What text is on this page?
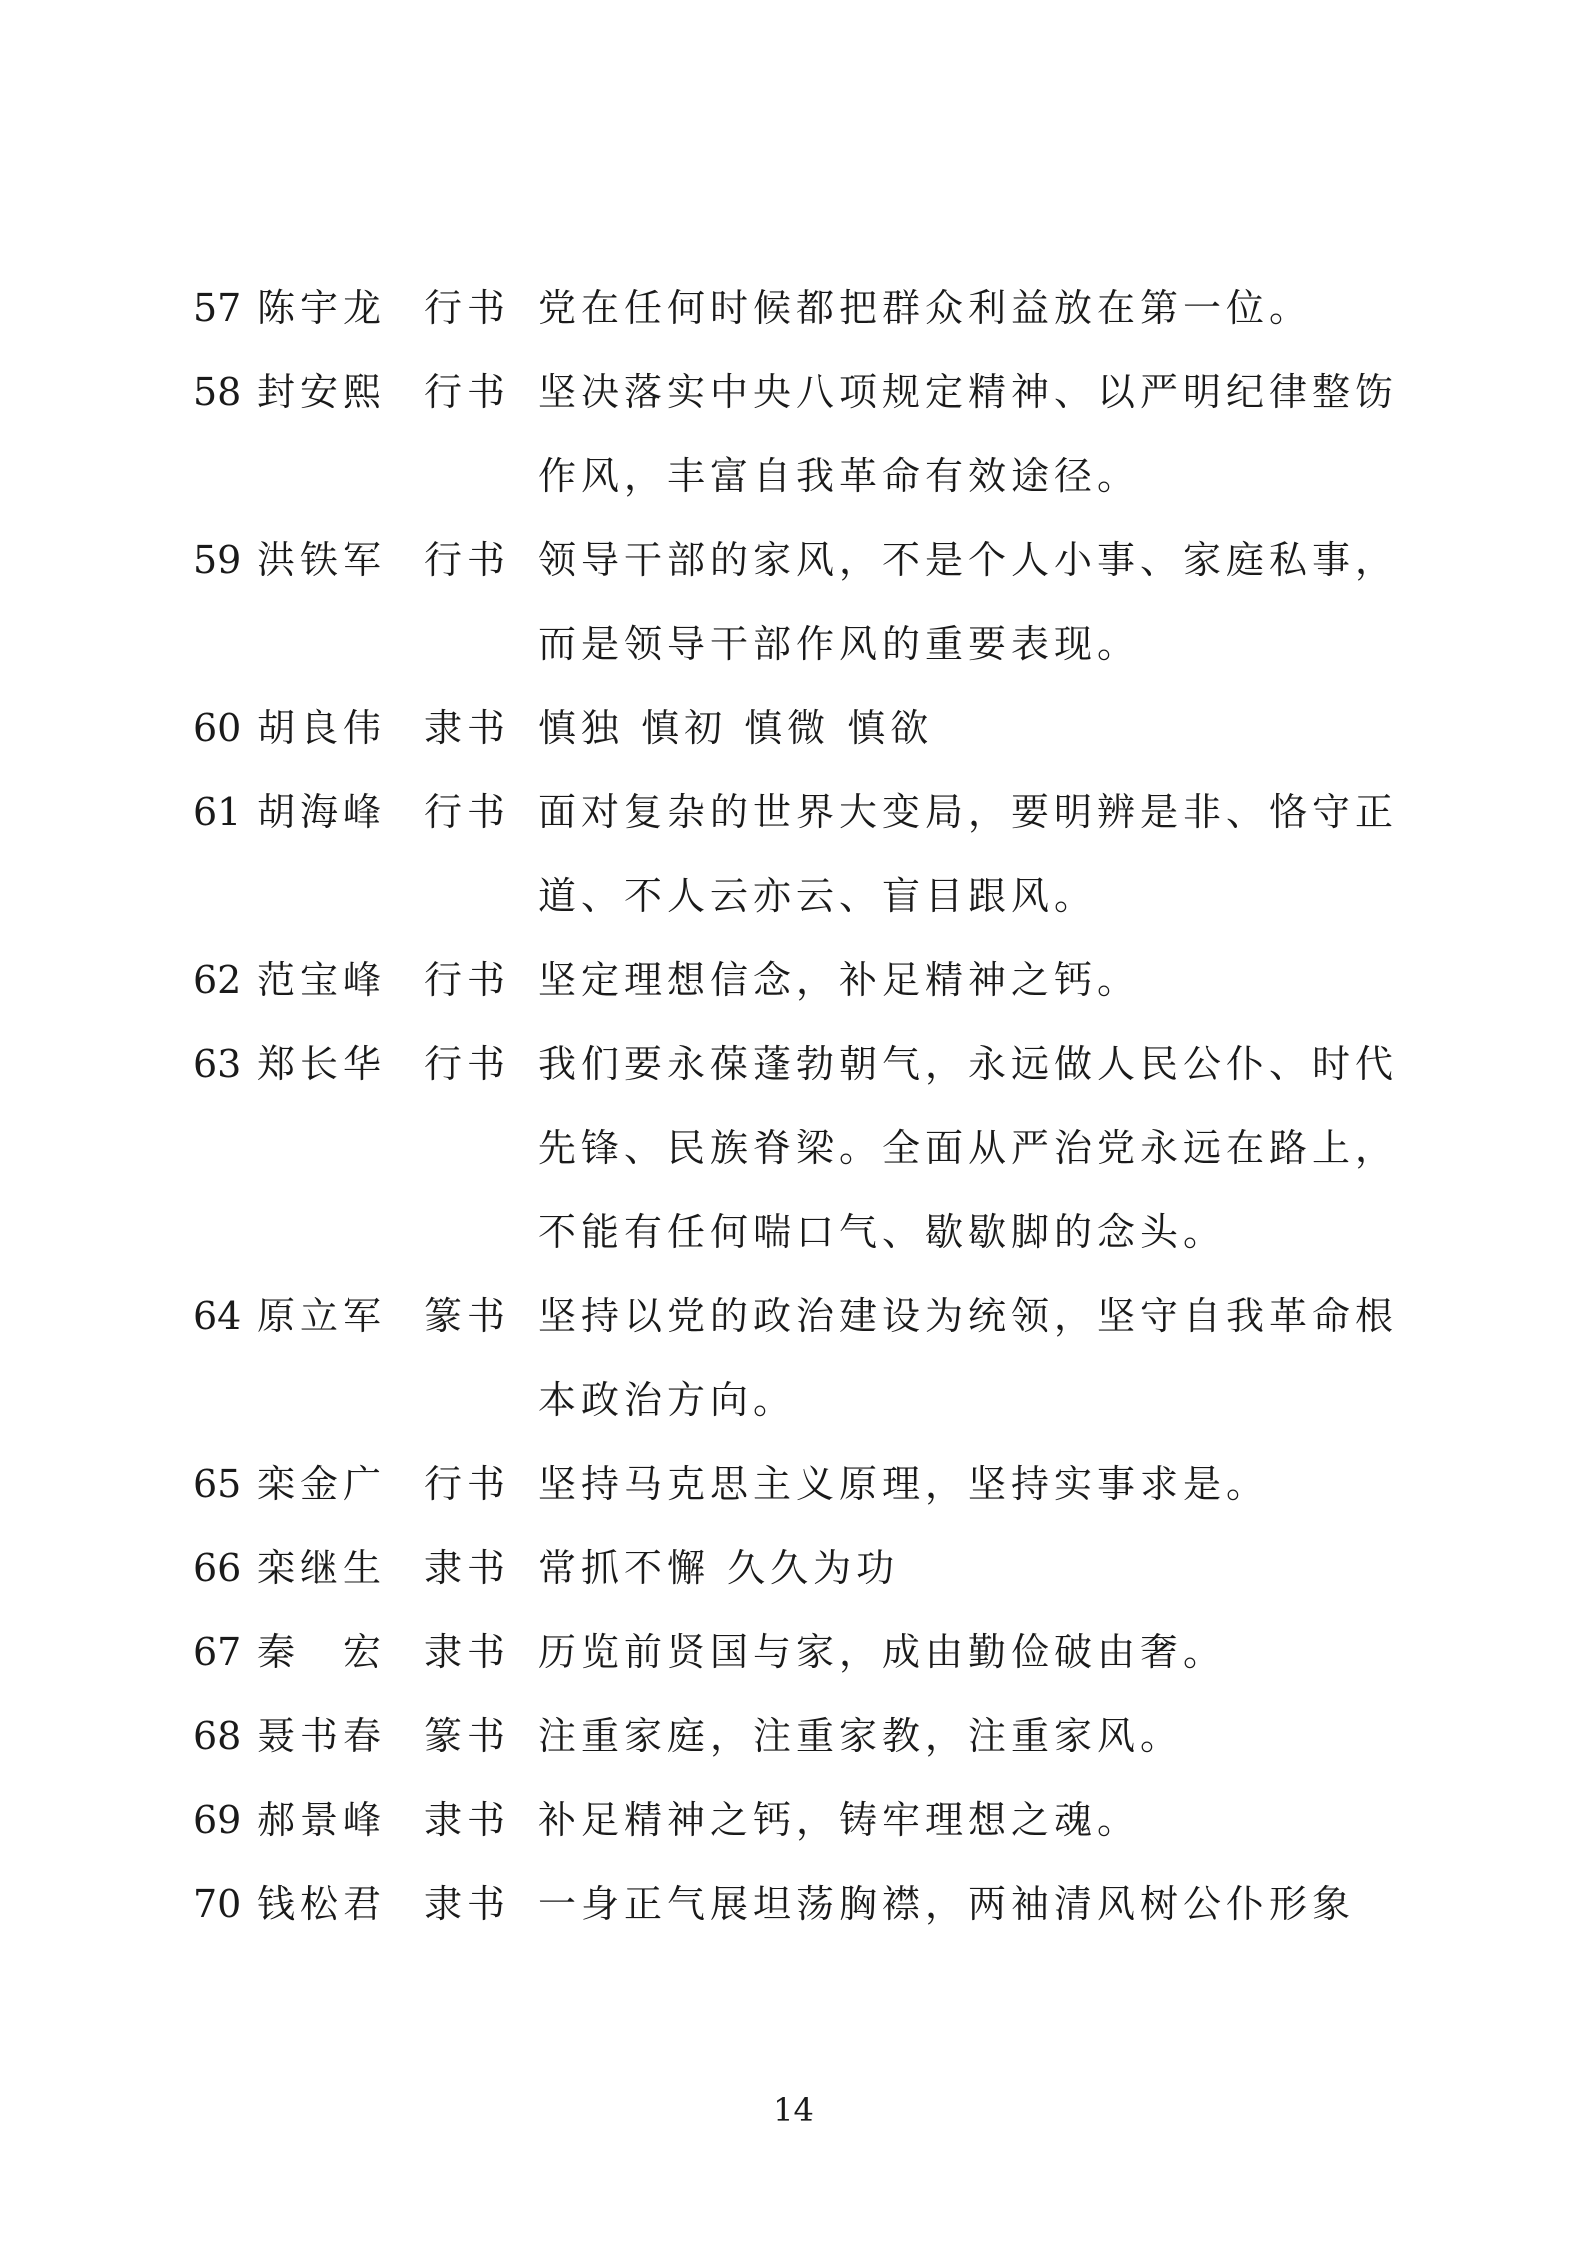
57 陈宇龙 行书 党在任何时候都把群众利益放在第一位。
58 封安熙 行书 坚决落实中央八项规定精神、以严明纪律整饬
作风，丰富自我革命有效途径。
59 洪铁军 行书 领导干部的家风，不是个人小事、家庭私事，
而是领导干部作风的重要表现。
60 胡良伟 隶书 慎独 慎初 慎微 慎欲
61 胡海峰 行书 面对复杂的世界大变局，要明辨是非、恪守正
道、不人云亦云、盲目跟风。
62 范宝峰 行书 坚定理想信念，补足精神之钙。
63 郑长华 行书 我们要永葆蓬勃朝气，永远做人民公仆、时代
先锋、民族脊梁。全面从严治党永远在路上，
不能有任何喘口气、歇歇脚的念头。
64 原立军 篆书 坚持以党的政治建设为统领，坚守自我革命根
本政治方向。
65 栾金广 行书 坚持马克思主义原理，坚持实事求是。
66 栾继生 隶书 常抓不懈 久久为功
67 秦　宏 隶书 历览前贤国与家，成由勤俭破由奢。
68 聂书春 篆书 注重家庭，注重家教，注重家风。
69 郝景峰 隶书 补足精神之钙，铸牢理想之魂。
70 钱松君 隶书 一身正气展坦荡胸襟，两袖清风树公仆形象
14
